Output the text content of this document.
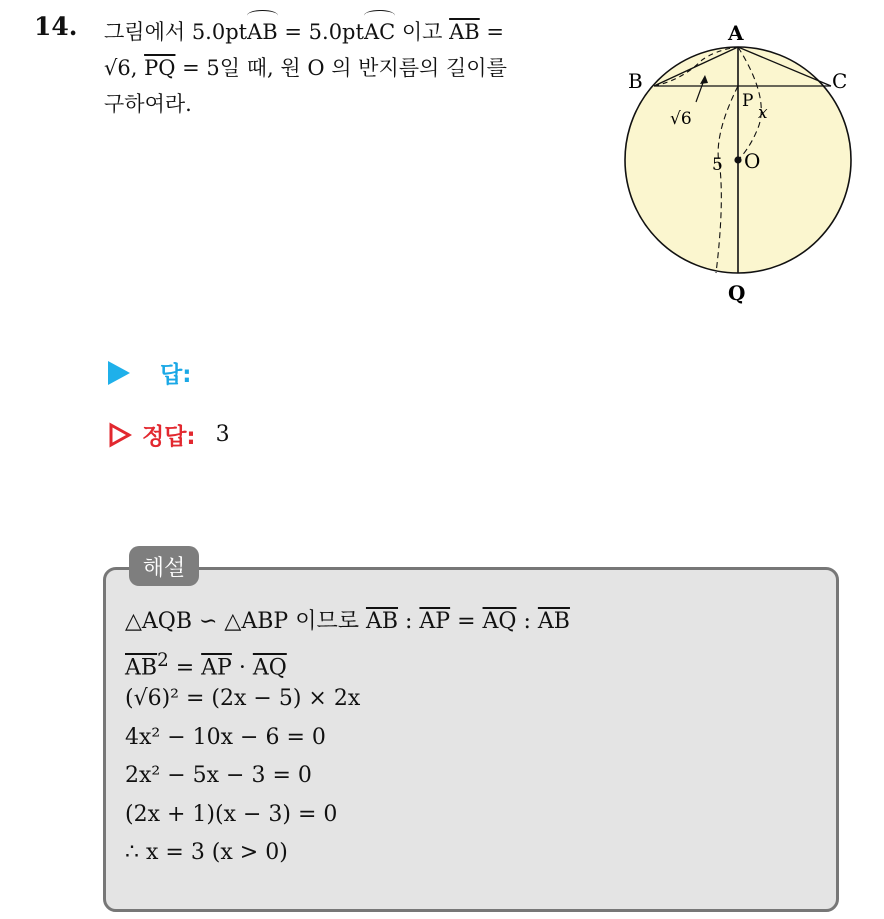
14. 그림에서 5.0ptAB = 5.0ptAC 이고 $\overline{AB}$ =
√6, $\overline{PQ} = 5$일 때, 원 O 의 반지름의 길이를
구하여라.
A
B	C
P
x
O
5
√6
Q
답:
정답: 3
해설
△AQB ∽ △ABP 이므로 $\overline{AB}$ : $\overline{AP} = \overline{AQ}$ : $\overline{AB}$
$\overline{AB}^2 = \overline{AP} \cdot \overline{AQ}$
(√6)² = (2x − 5) × 2x
4x² − 10x − 6 = 0
2x² − 5x − 3 = 0
(2x + 1)(x − 3) = 0
∴ x = 3 (x > 0)
